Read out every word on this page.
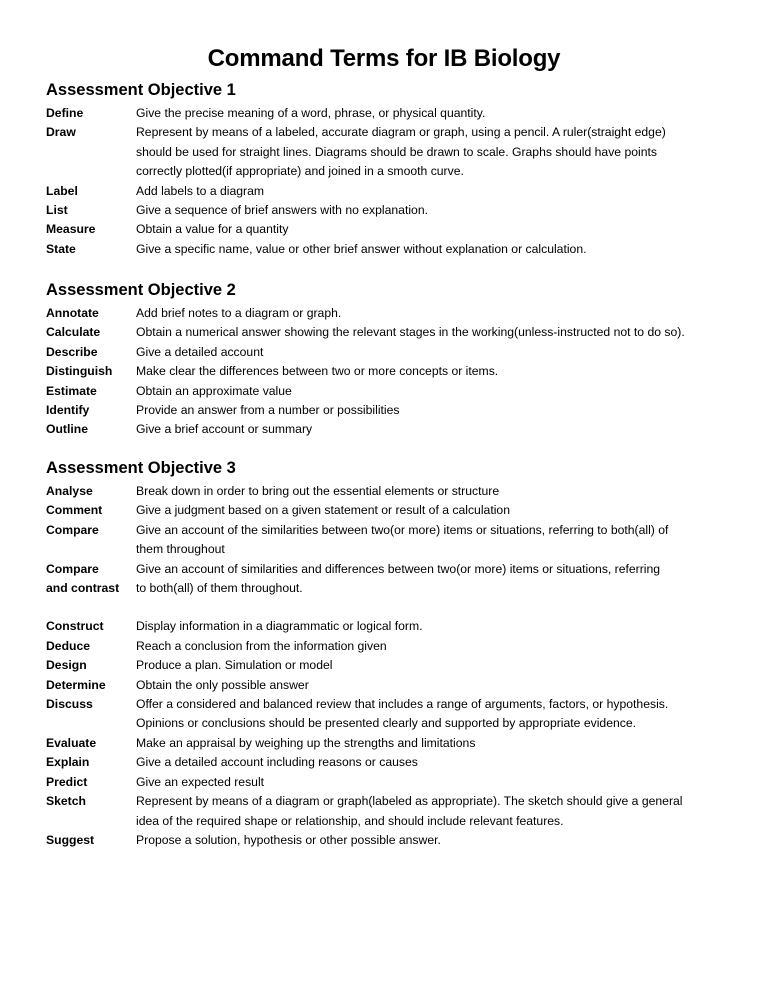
Command Terms for IB Biology
Assessment Objective 1
Define	Give the precise meaning of a word, phrase, or physical quantity.
Draw	Represent by means of a labeled, accurate diagram or graph, using a pencil. A ruler(straight edge)
should be used for straight lines. Diagrams should be drawn to scale. Graphs should have points
correctly plotted(if appropriate) and joined in a smooth curve.
Label	Add labels to a diagram
List	Give a sequence of brief answers with no explanation.
Measure	Obtain a value for a quantity
State	Give a specific name, value or other brief answer without explanation or calculation.
Assessment Objective 2
Annotate	Add brief notes to a diagram or graph.
Calculate	Obtain a numerical answer showing the relevant stages in the working(unless-instructed not to do so).
Describe	Give a detailed account
Distinguish	Make clear the differences between two or more concepts or items.
Estimate	Obtain an approximate value
Identify	Provide an answer from a number or possibilities
Outline	Give a brief account or summary
Assessment Objective 3
Analyse	Break down in order to bring out the essential elements or structure
Comment	Give a judgment based on a given statement or result of a calculation
Compare	Give an account of the similarities between two(or more) items or situations, referring to both(all) of
them throughout
Compare	Give an account of similarities and differences between two(or more) items or situations, referring
and contrast	to both(all) of them throughout.
Construct	Display information in a diagrammatic or logical form.
Deduce	Reach a conclusion from the information given
Design	Produce a plan. Simulation or model
Determine	Obtain the only possible answer
Discuss	Offer a considered and balanced review that includes a range of arguments, factors, or hypothesis.
Opinions or conclusions should be presented clearly and supported by appropriate evidence.
Evaluate	Make an appraisal by weighing up the strengths and limitations
Explain	Give a detailed account including reasons or causes
Predict	Give an expected result
Sketch	Represent by means of a diagram or graph(labeled as appropriate). The sketch should give a general
idea of the required shape or relationship, and should include relevant features.
Suggest	Propose a solution, hypothesis or other possible answer.
